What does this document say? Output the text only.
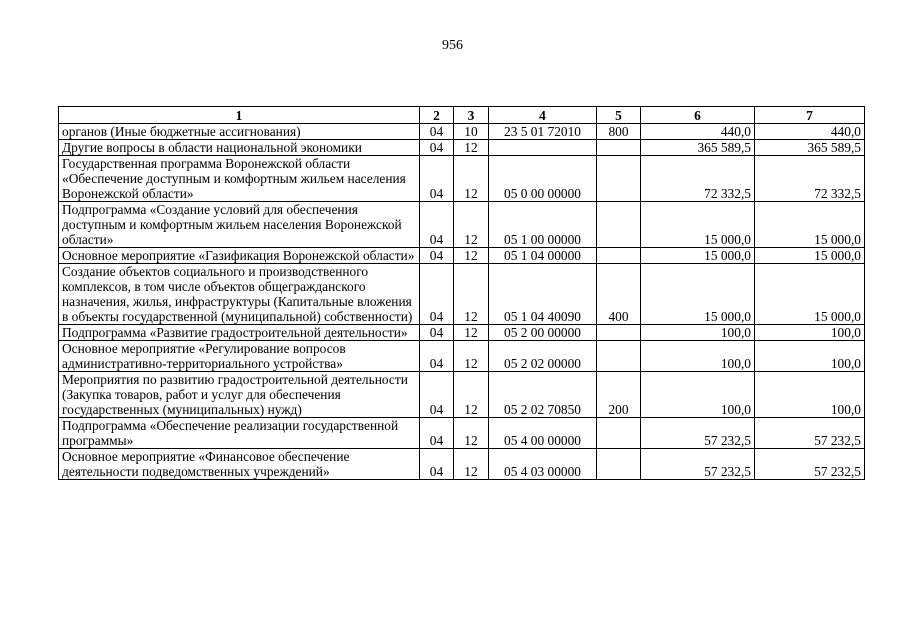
956
1	2	3	4	5	6	7
органов (Иные бюджетные ассигнования)	04	10	23 5 01 72010	800	440,0	440,0
Другие вопросы в области национальной экономики	04	12			365 589,5	365 589,5
Государственная программа Воронежской области «Обеспечение доступным и комфортным жильем населения Воронежской области»	04	12	05 0 00 00000		72 332,5	72 332,5
Подпрограмма «Создание условий для обеспечения доступным и комфортным жильем населения Воронежской области»	04	12	05 1 00 00000		15 000,0	15 000,0
Основное мероприятие «Газификация Воронежской области»	04	12	05 1 04 00000		15 000,0	15 000,0
Создание объектов социального и производственного комплексов, в том числе объектов общегражданского назначения, жилья, инфраструктуры (Капитальные вложения в объекты государственной (муниципальной) собственности)	04	12	05 1 04 40090	400	15 000,0	15 000,0
Подпрограмма «Развитие градостроительной деятельности»	04	12	05 2 00 00000		100,0	100,0
Основное мероприятие «Регулирование вопросов административно-территориального устройства»	04	12	05 2 02 00000		100,0	100,0
Мероприятия по развитию градостроительной деятельности (Закупка товаров, работ и услуг для обеспечения государственных (муниципальных) нужд)	04	12	05 2 02 70850	200	100,0	100,0
Подпрограмма «Обеспечение реализации государственной программы»	04	12	05 4 00 00000		57 232,5	57 232,5
Основное мероприятие «Финансовое обеспечение деятельности подведомственных учреждений»	04	12	05 4 03 00000		57 232,5	57 232,5
